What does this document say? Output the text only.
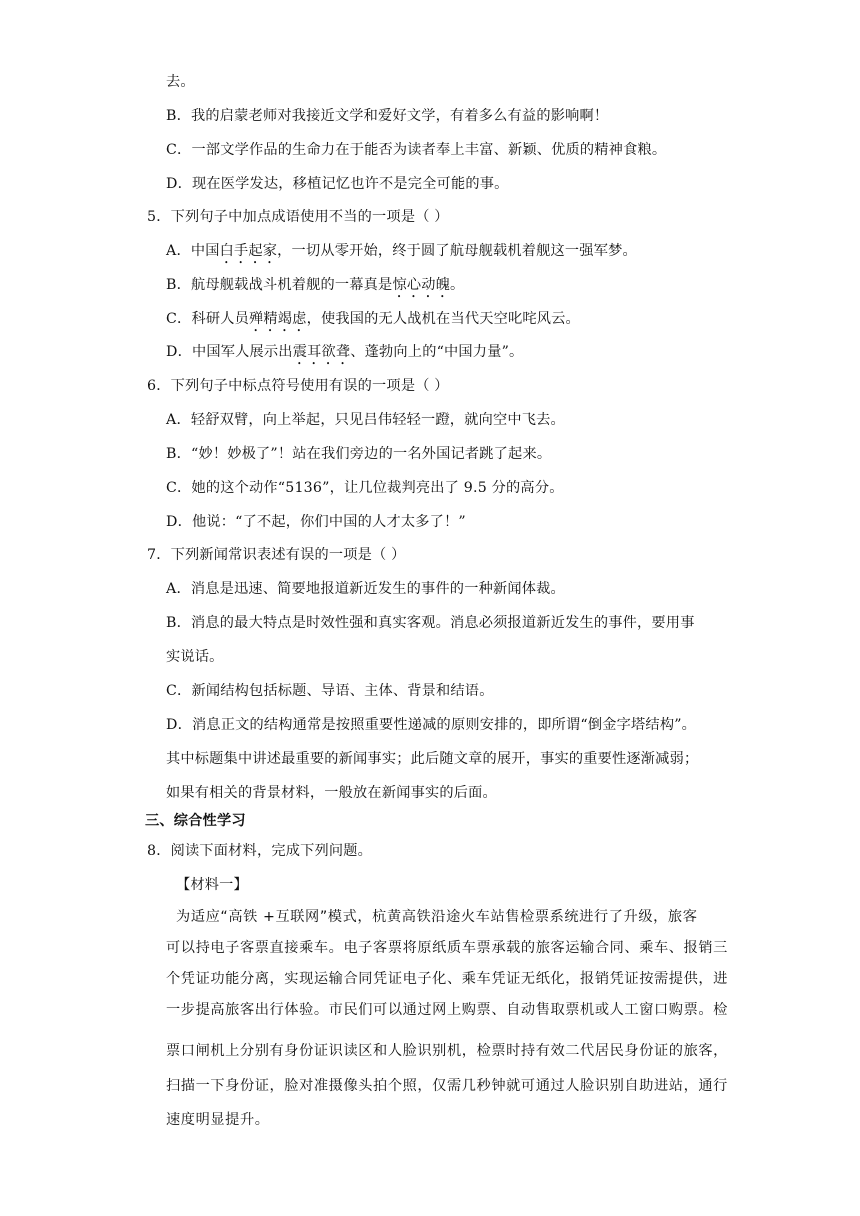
去。
B．我的启蒙老师对我接近文学和爱好文学，有着多么有益的影响啊！
C．一部文学作品的生命力在于能否为读者奉上丰富、新颖、优质的精神食粮。
D．现在医学发达，移植记忆也许不是完全可能的事。
5．下列句子中加点成语使用不当的一项是（ ）
A．中国白手起家，一切从零开始，终于圆了航母舰载机着舰这一强军梦。
B．航母舰载战斗机着舰的一幕真是惊心动魄。
C．科研人员殚精竭虑，使我国的无人战机在当代天空叱咤风云。
D．中国军人展示出震耳欲聋、蓬勃向上的“中国力量”。
6．下列句子中标点符号使用有误的一项是（ ）
A．轻舒双臂，向上举起，只见吕伟轻轻一蹬，就向空中飞去。
B．“妙！妙极了”！站在我们旁边的一名外国记者跳了起来。
C．她的这个动作“5136”，让几位裁判亮出了 9.5 分的高分。
D．他说：“了不起，你们中国的人才太多了！”
7．下列新闻常识表述有误的一项是（ ）
A．消息是迅速、简要地报道新近发生的事件的一种新闻体裁。
B．消息的最大特点是时效性强和真实客观。消息必须报道新近发生的事件，要用事
实说话。
C．新闻结构包括标题、导语、主体、背景和结语。
D．消息正文的结构通常是按照重要性递减的原则安排的，即所谓“倒金字塔结构”。
其中标题集中讲述最重要的新闻事实；此后随文章的展开，事实的重要性逐渐减弱；
如果有相关的背景材料，一般放在新闻事实的后面。
三、综合性学习
8．阅读下面材料，完成下列问题。
【材料一】
为适应“高铁 +互联网”模式，杭黄高铁沿途火车站售检票系统进行了升级，旅客
可以持电子客票直接乘车。电子客票将原纸质车票承载的旅客运输合同、乘车、报销三
个凭证功能分离，实现运输合同凭证电子化、乘车凭证无纸化，报销凭证按需提供，进
一步提高旅客出行体验。市民们可以通过网上购票、自动售取票机或人工窗口购票。检
票口闸机上分别有身份证识读区和人脸识别机，检票时持有效二代居民身份证的旅客，
扫描一下身份证，脸对准摄像头拍个照，仅需几秒钟就可通过人脸识别自助进站，通行
速度明显提升。
